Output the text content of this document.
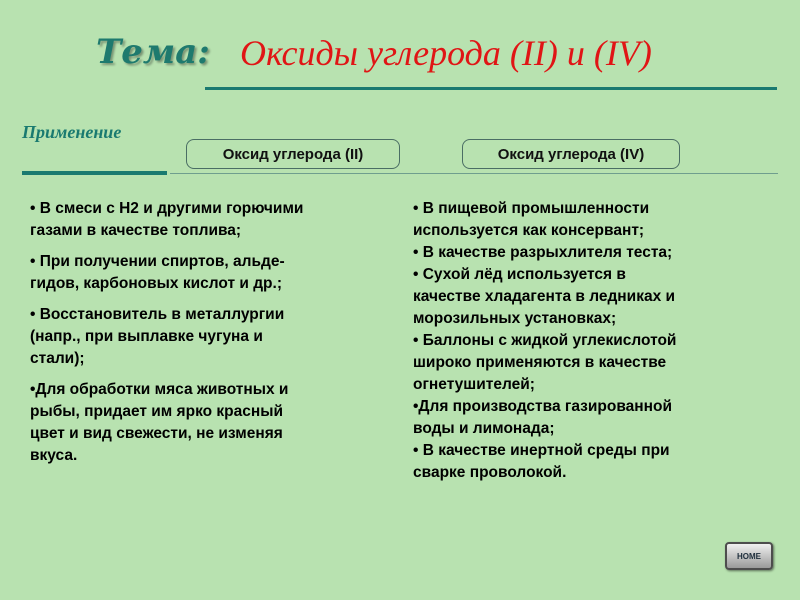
Тема: Оксиды углерода (II) и (IV)
Применение
Оксид углерода (II)	Оксид углерода (IV)
• В смеси с Н2 и другими горючими
газами в качестве топлива;
• При получении спиртов, альде-
гидов, карбоновых кислот и др.;
• Восстановитель в металлургии
(напр., при выплавке чугуна и
стали);
•Для обработки мяса животных и
рыбы, придает им ярко красный
цвет и вид свежести, не изменяя
вкуса.
• В пищевой промышленности
используется как консервант;
• В качестве разрыхлителя теста;
• Сухой лёд используется в
качестве хладагента в ледниках и
морозильных установках;
• Баллоны с жидкой углекислотой
широко применяются в качестве
огнетушителей;
•Для производства газированной
воды и лимонада;
• В качестве инертной среды при
сварке проволокой.
HOME
